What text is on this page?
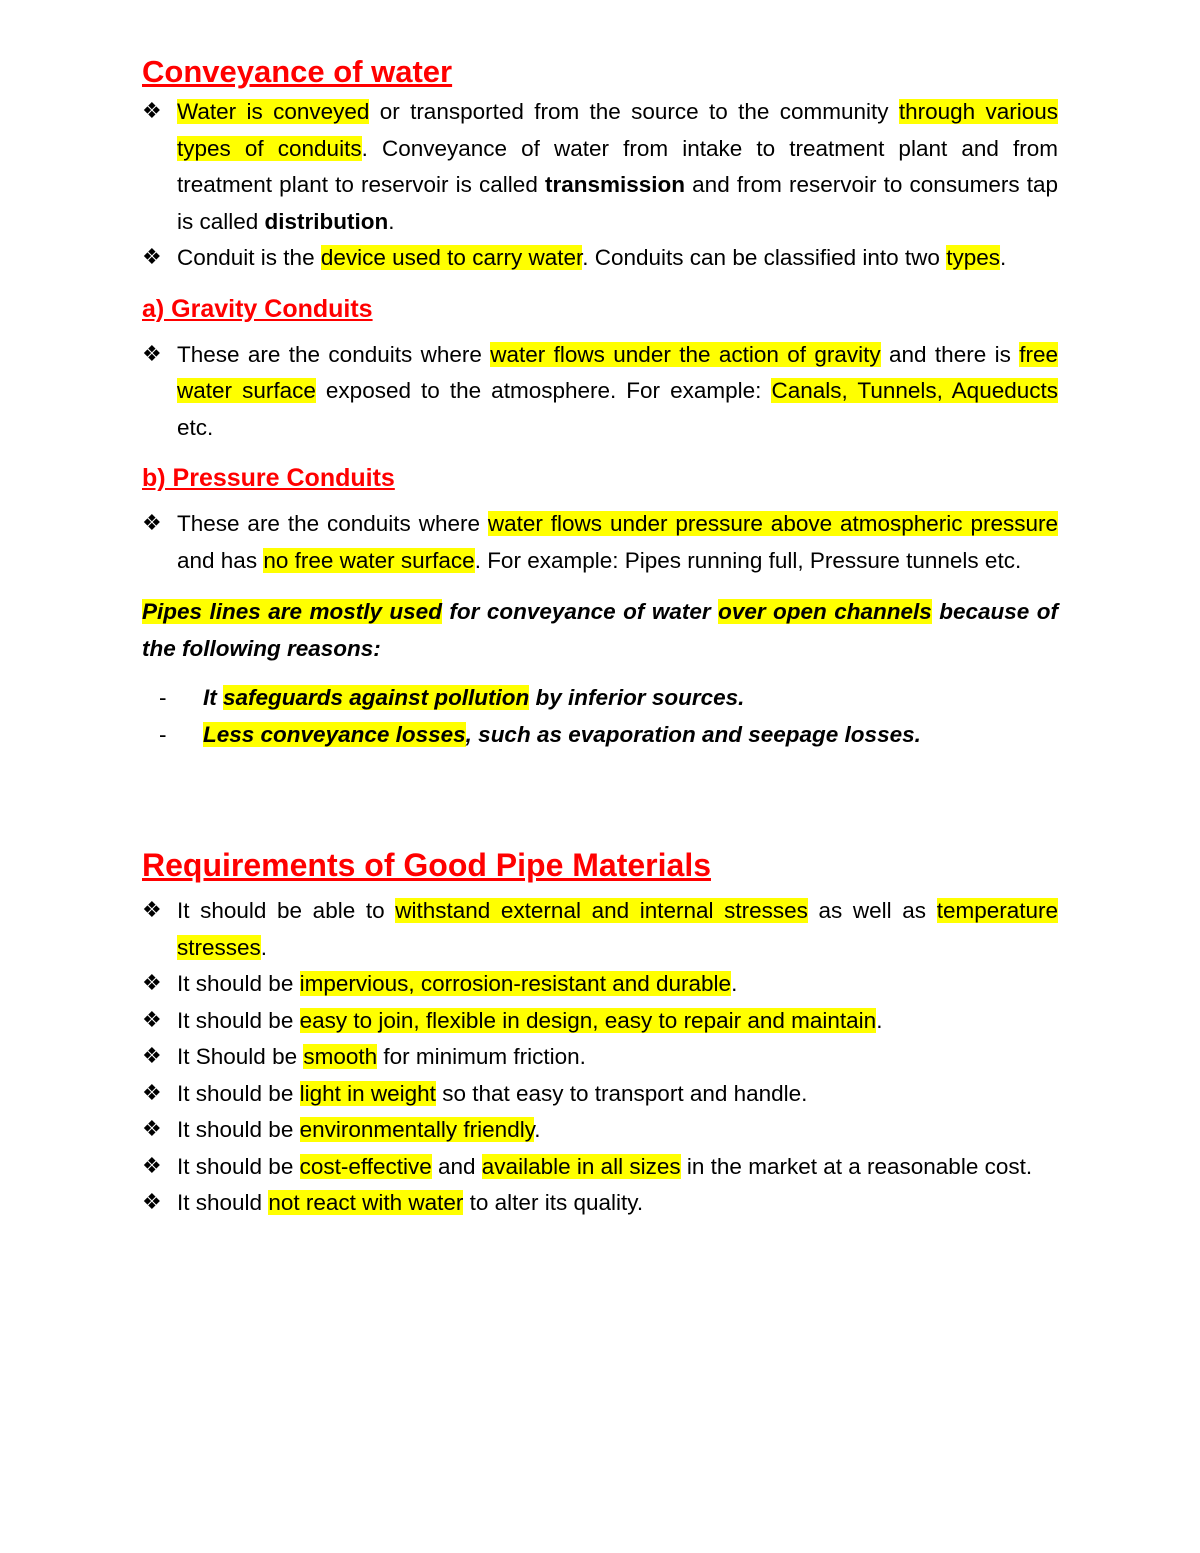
Conveyance of water
❖ Water is conveyed or transported from the source to the community through various types of conduits. Conveyance of water from intake to treatment plant and from treatment plant to reservoir is called transmission and from reservoir to consumers tap is called distribution.
❖ Conduit is the device used to carry water. Conduits can be classified into two types.
a) Gravity Conduits
❖ These are the conduits where water flows under the action of gravity and there is free water surface exposed to the atmosphere. For example: Canals, Tunnels, Aqueducts etc.
b) Pressure Conduits
❖ These are the conduits where water flows under pressure above atmospheric pressure and has no free water surface. For example: Pipes running full, Pressure tunnels etc.

Pipes lines are mostly used for conveyance of water over open channels because of the following reasons:

- It safeguards against pollution by inferior sources.
- Less conveyance losses, such as evaporation and seepage losses.
Requirements of Good Pipe Materials
❖ It should be able to withstand external and internal stresses as well as temperature stresses.
❖ It should be impervious, corrosion-resistant and durable.
❖ It should be easy to join, flexible in design, easy to repair and maintain.
❖ It Should be smooth for minimum friction.
❖ It should be light in weight so that easy to transport and handle.
❖ It should be environmentally friendly.
❖ It should be cost-effective and available in all sizes in the market at a reasonable cost.
❖ It should not react with water to alter its quality.
